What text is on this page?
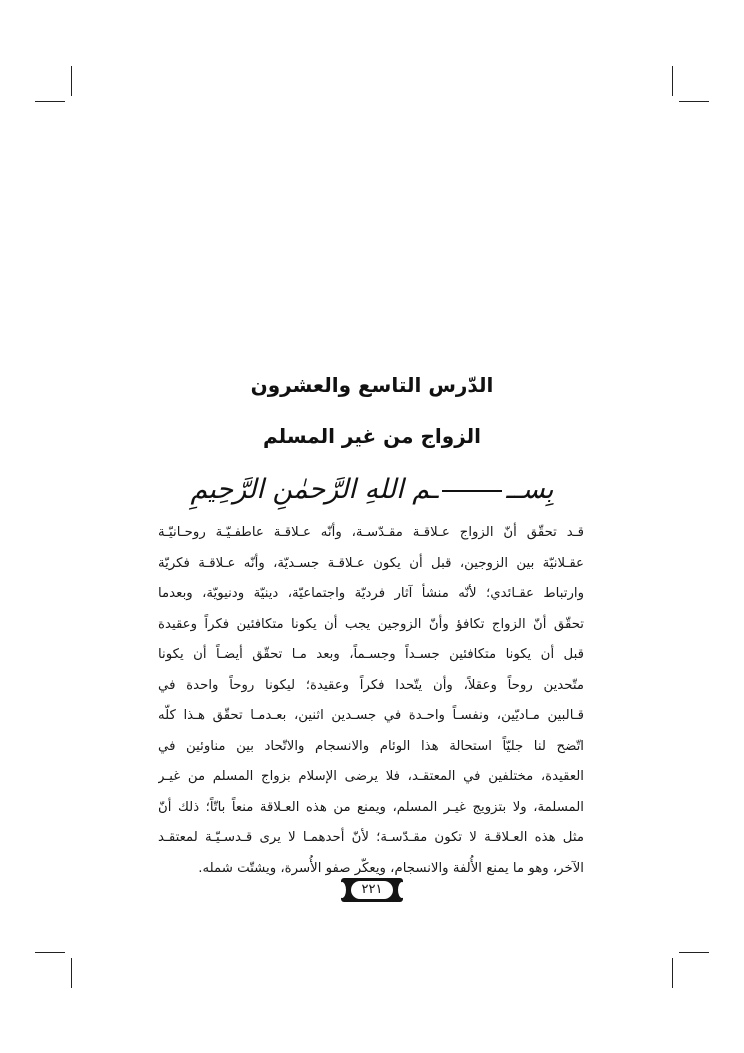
الدّرس التاسع والعشرون
الزواج من غير المسلم
بِســـم اللهِ الرَّحمٰنِ الرَّحِيمِ
قـد تحقّق أنّ الزواج عـلاقـة مقـدّسـة، وأنّه عـلاقـة عاطفـيّـة روحـانيّـة
عقـلانيّة بين الزوجين، قبل أن يكون عـلاقـة جسـديّة، وأنّه عـلاقـة فكريّة
وارتباط عقـائدي؛ لأنّه منشأ آثار فرديّة واجتماعيّة، دينيّة ودنيويّة، وبعدما
تحقّق أنّ الزواج تكافؤ وأنّ الزوجين يجب أن يكونا متكافئين فكراً وعقيدة
قبل أن يكونا متكافئين جسـداً وجسـماً، وبعد مـا تحقّق أيضـاً أن يكونا
متّحدين روحاً وعقلاً، وأن يتّحدا فكراً وعقيدة؛ ليكونا روحاً واحدة في
قـالبين مـاديّين، ونفسـاً واحـدة في جسـدين اثنين، بعـدمـا تحقّق هـذا كلّه
اتّضح لنا جليّاً استحالة هذا الوئام والانسجام والاتّحاد بين مناوئين في
العقيدة، مختلفين في المعتقـد، فلا يرضى الإسلام بزواج المسلم من غيـر
المسلمة، ولا بتزويج غيـر المسلم، ويمنع من هذه العـلاقة منعاً باتّاً؛ ذلك أنّ
مثل هذه العـلاقـة لا تكون مقـدّسـة؛ لأنّ أحدهمـا لا يرى قـدسـيّـة لمعتقـد
الآخر، وهو ما يمنع الأُلفة والانسجام، ويعكّر صفو الأُسرة، ويشتّت شمله.
٢٢١
